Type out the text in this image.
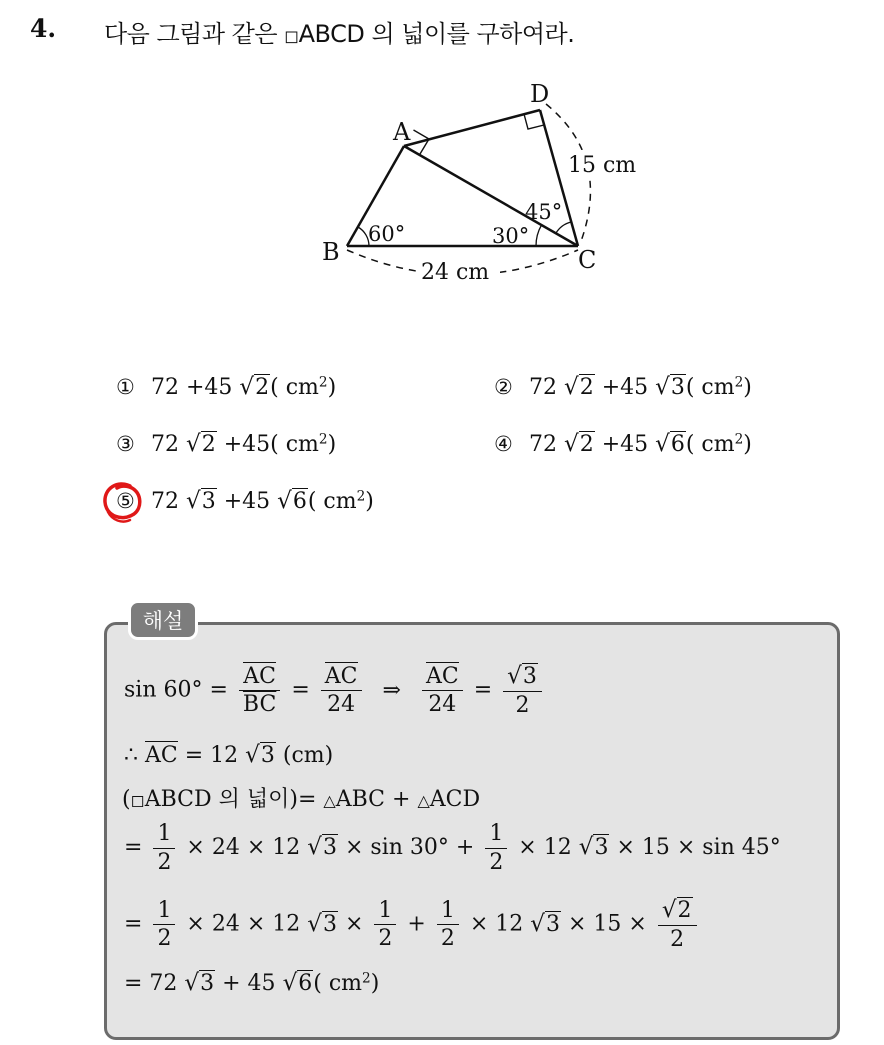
4. 다음 그림과 같은 ◻ABCD 의 넓이를 구하여라.
A
B	C
D
60°	30°
45°
24 cm
15 cm
① 72 +45 √2( $cm^2$)	② 72 √2 +45 √3( $cm^2$)
③ 72 √2 +45( $cm^2$)	④ 72 √2 +45 √6( $cm^2$)
⑤ 72 √3 +45 √6( $cm^2$)
해설
$\sin 60^\circ = \frac{AC}{BC} = \frac{AC}{24}$ ⇒ $\frac{AC}{24} = \frac{√3}{2}$
∴ AC = 12 √3 (cm)
(◻ABCD 의 넓이)= △ABC + △ACD
= $\frac{1}{2} \times 24 \times 12$ $√3 \times \sin 30^\circ + \frac{1}{2} \times 12$ √3 × 15 × sin 45°
= $\frac{1}{2} \times 24 \times 12$ $√3 \times \frac{1}{2} + \frac{1}{2} \times 12$ $√3 \times 15 \times \frac{√2}{2}$
= 72 √3 + 45 √6( $cm^2$)
